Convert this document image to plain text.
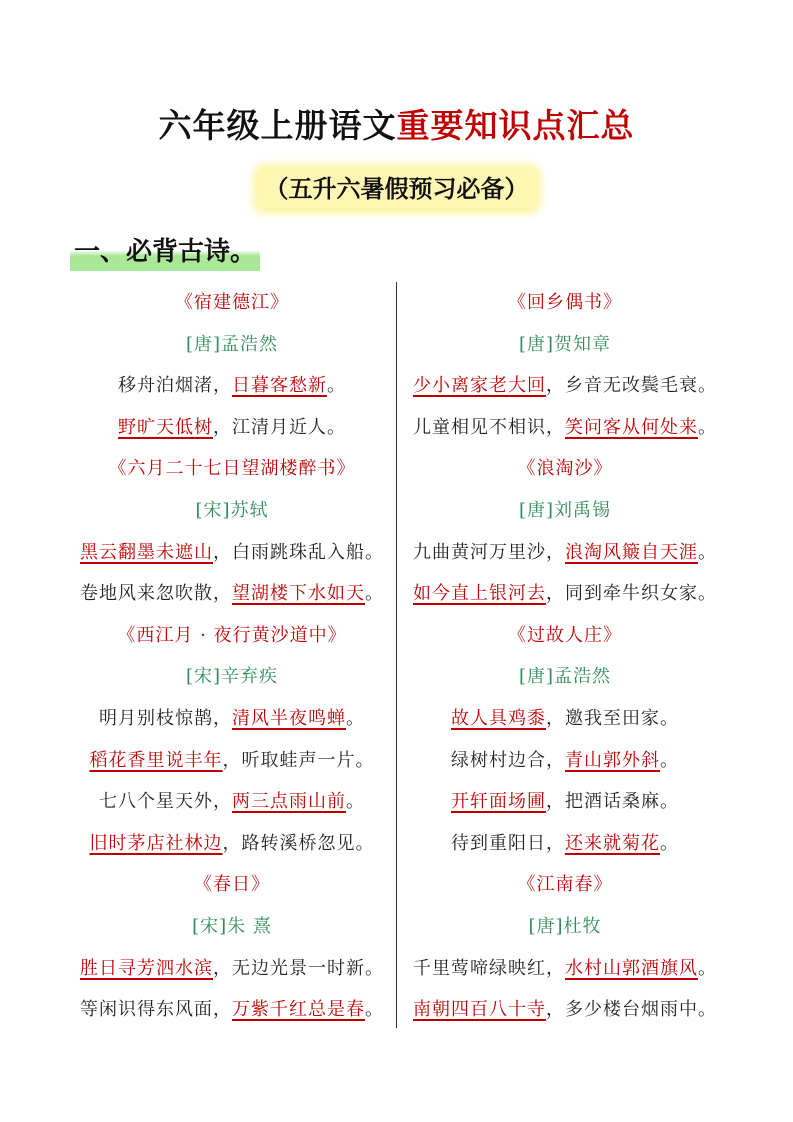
六年级上册语文重要知识点汇总
（五升六暑假预习必备）
一、必背古诗。
《宿建德江》
[唐]孟浩然
移舟泊烟渚，日暮客愁新。
野旷天低树，江清月近人。
《六月二十七日望湖楼醉书》
[宋]苏轼
黑云翻墨未遮山，白雨跳珠乱入船。
卷地风来忽吹散，望湖楼下水如天。
《西江月 · 夜行黄沙道中》
[宋]辛弃疾
明月别枝惊鹊，清风半夜鸣蝉。
稻花香里说丰年，听取蛙声一片。
七八个星天外，两三点雨山前。
旧时茅店社林边，路转溪桥忽见。
《春日》
[宋]朱 熹
胜日寻芳泗水滨，无边光景一时新。
等闲识得东风面，万紫千红总是春。
《回乡偶书》
[唐]贺知章
少小离家老大回，乡音无改鬓毛衰。
儿童相见不相识，笑问客从何处来。
《浪淘沙》
[唐]刘禹锡
九曲黄河万里沙，浪淘风簸自天涯。
如今直上银河去，同到牵牛织女家。
《过故人庄》
[唐]孟浩然
故人具鸡黍，邀我至田家。
绿树村边合，青山郭外斜。
开轩面场圃，把酒话桑麻。
待到重阳日，还来就菊花。
《江南春》
[唐]杜牧
千里莺啼绿映红，水村山郭酒旗风。
南朝四百八十寺，多少楼台烟雨中。
